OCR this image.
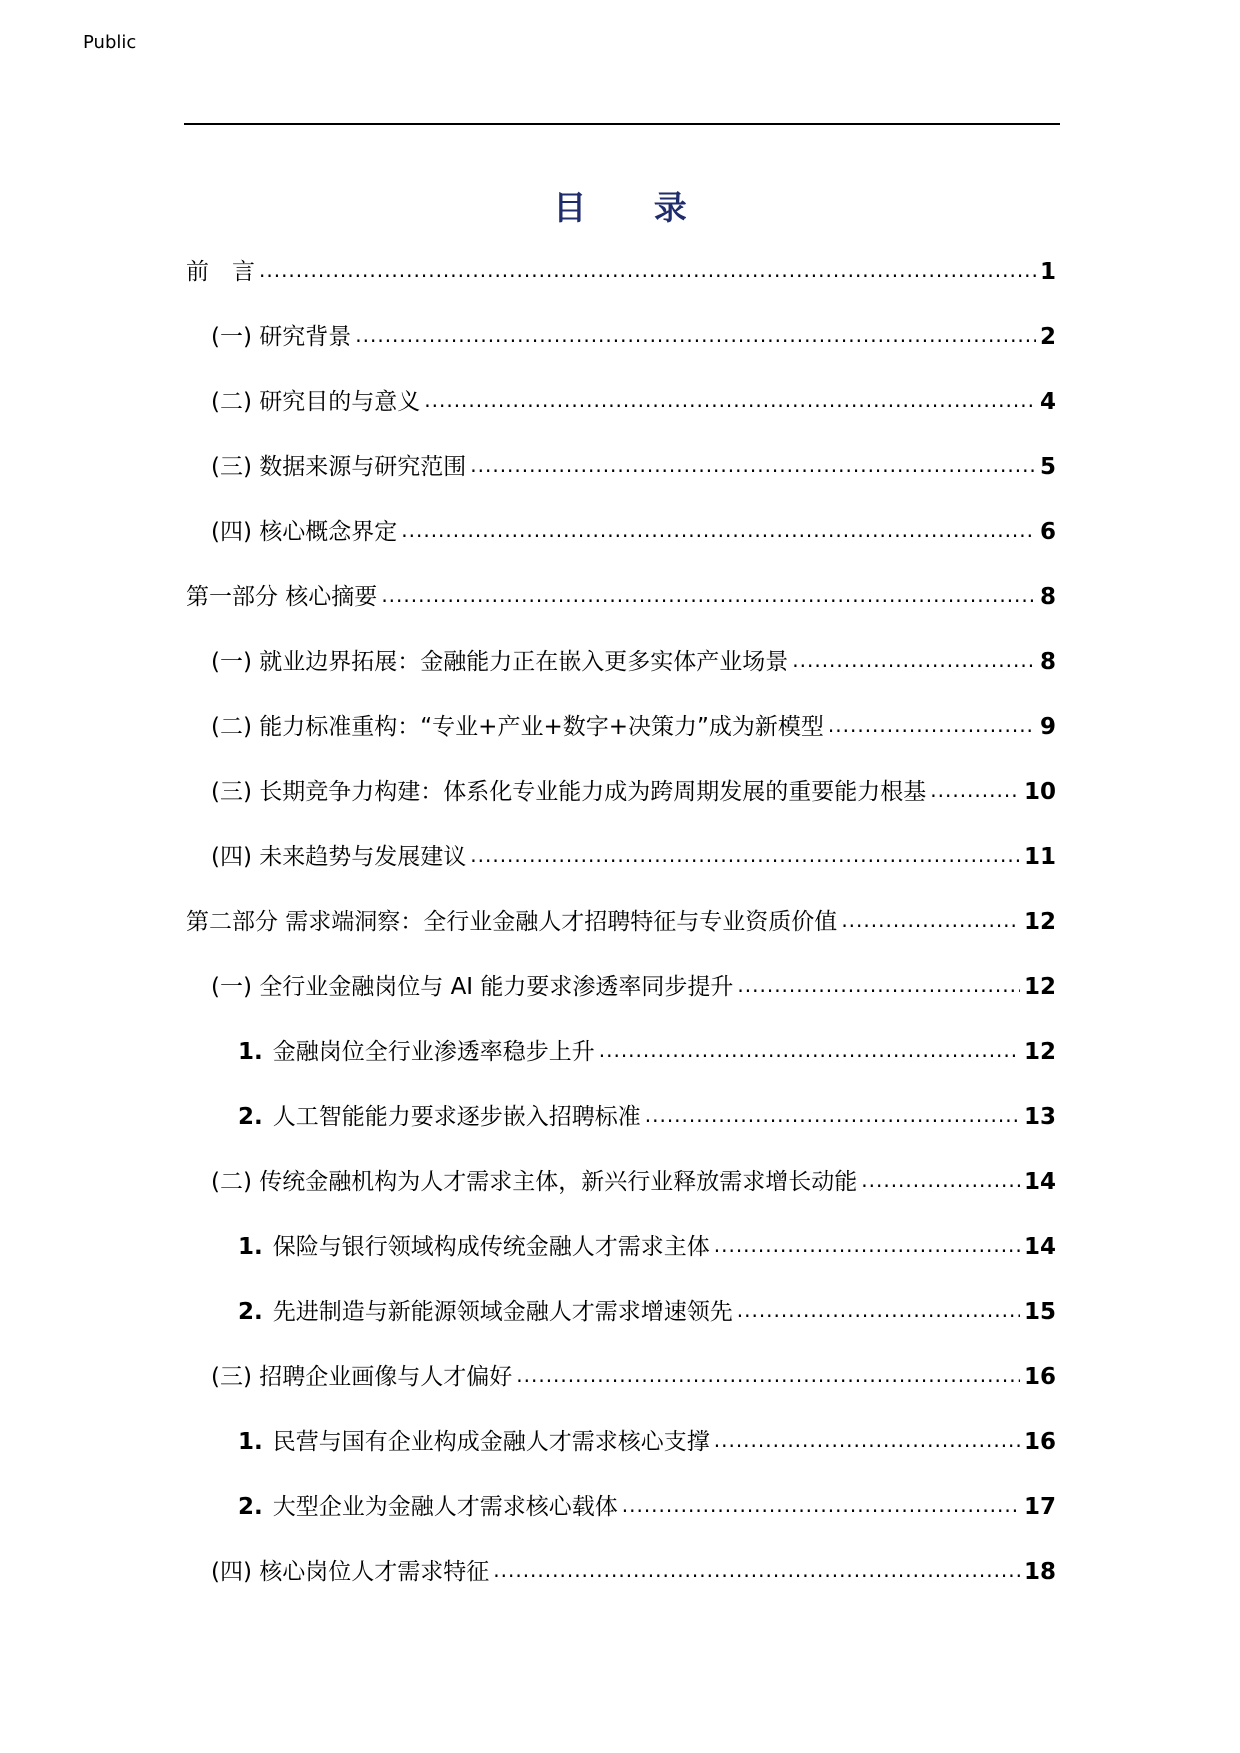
Public
目 录
前　言 .....	1
(一) 研究背景 .....	2
(二) 研究目的与意义 .....	4
(三) 数据来源与研究范围 .....	5
(四) 核心概念界定 .....	6
第一部分 核心摘要 .....	8
(一) 就业边界拓展：金融能力正在嵌入更多实体产业场景 .....	8
(二) 能力标准重构：“专业+产业+数字+决策力”成为新模型 .....	9
(三) 长期竞争力构建：体系化专业能力成为跨周期发展的重要能力根基 .....	10
(四) 未来趋势与发展建议 .....	11
第二部分 需求端洞察：全行业金融人才招聘特征与专业资质价值 .....	12
(一) 全行业金融岗位与 AI 能力要求渗透率同步提升 .....	12
1. 金融岗位全行业渗透率稳步上升 .....	12
2. 人工智能能力要求逐步嵌入招聘标准 .....	13
(二) 传统金融机构为人才需求主体，新兴行业释放需求增长动能 .....	14
1. 保险与银行领域构成传统金融人才需求主体 .....	14
2. 先进制造与新能源领域金融人才需求增速领先 .....	15
(三) 招聘企业画像与人才偏好 .....	16
1. 民营与国有企业构成金融人才需求核心支撑 .....	16
2. 大型企业为金融人才需求核心载体 .....	17
(四) 核心岗位人才需求特征 .....	18
